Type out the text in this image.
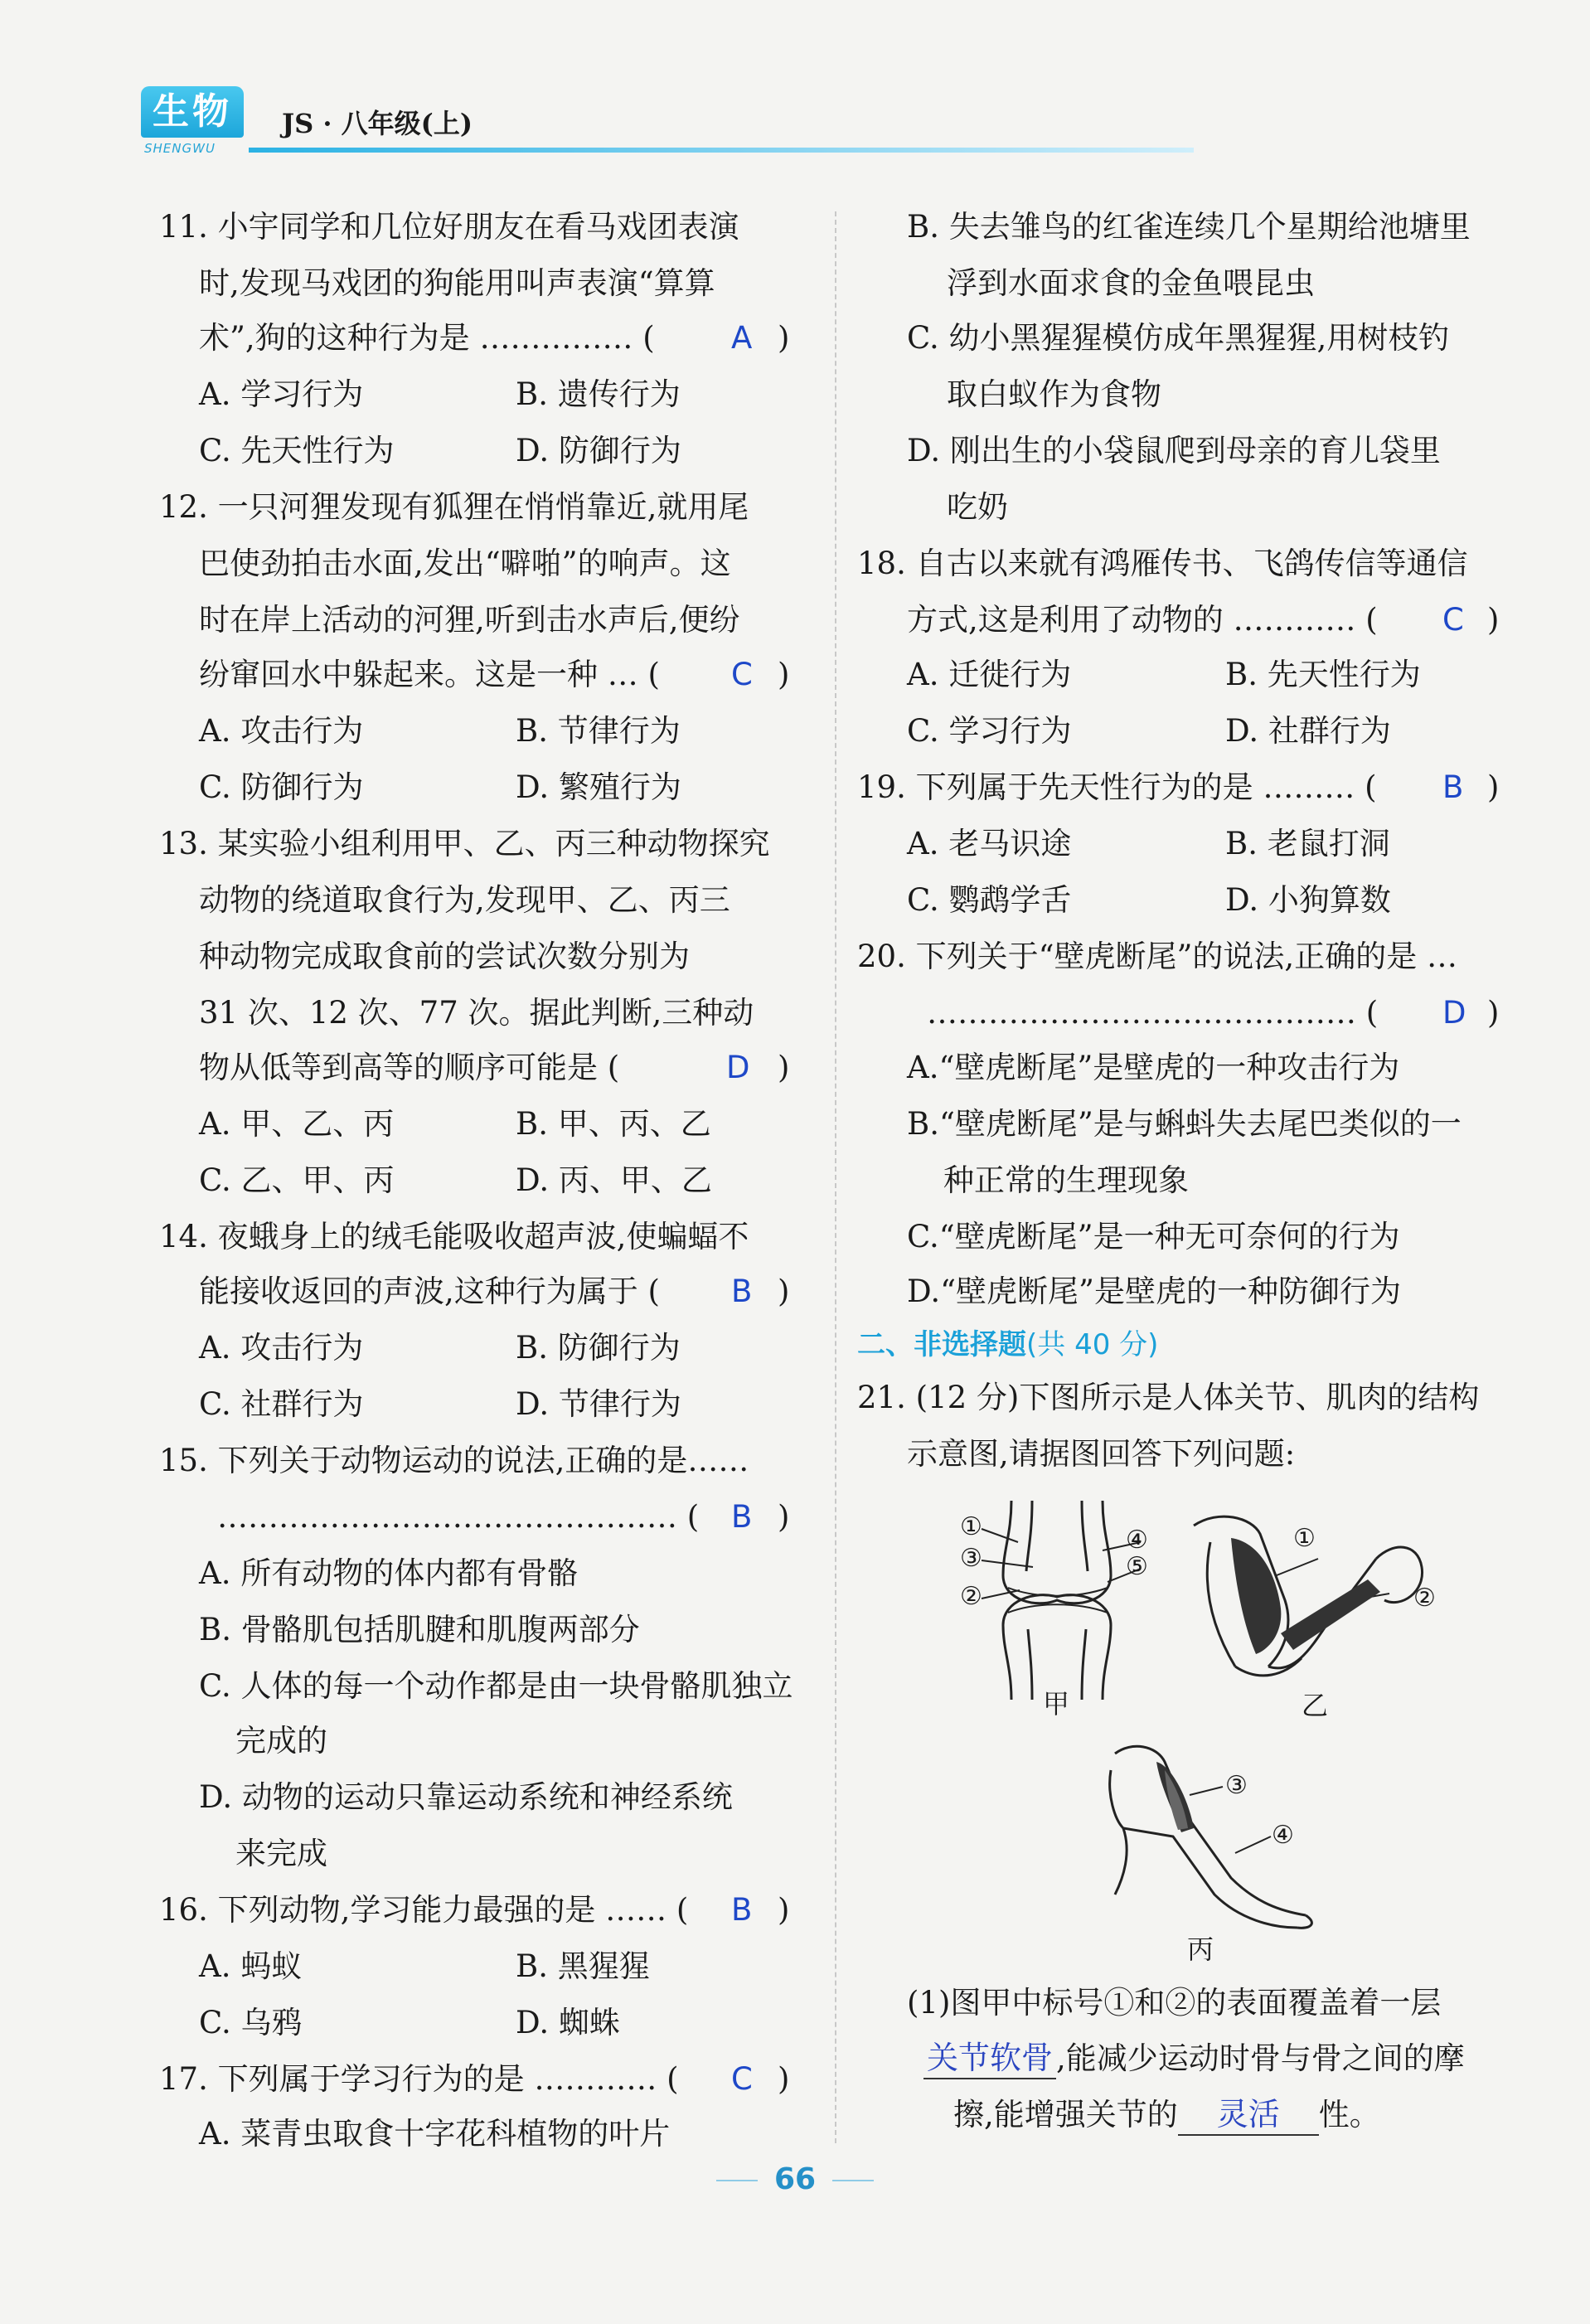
生物
SHENGWU
JS · 八年级(上)
11. 小宇同学和几位好朋友在看马戏团表演
时,发现马戏团的狗能用叫声表演“算算
术”,狗的这种行为是 …………… ( A )
A. 学习行为	B. 遗传行为
C. 先天性行为	D. 防御行为
12. 一只河狸发现有狐狸在悄悄靠近,就用尾
巴使劲拍击水面,发出“噼啪”的响声。这
时在岸上活动的河狸,听到击水声后,便纷
纷窜回水中躲起来。这是一种 … ( C )
A. 攻击行为	B. 节律行为
C. 防御行为	D. 繁殖行为
13. 某实验小组利用甲、乙、丙三种动物探究
动物的绕道取食行为,发现甲、乙、丙三
种动物完成取食前的尝试次数分别为
31 次、12 次、77 次。据此判断,三种动
物从低等到高等的顺序可能是 (	D )
A. 甲、乙、丙	B. 甲、丙、乙
C. 乙、甲、丙	D. 丙、甲、乙
14. 夜蛾身上的绒毛能吸收超声波,使蝙蝠不
能接收返回的声波,这种行为属于 ( B )
A. 攻击行为	B. 防御行为
C. 社群行为	D. 节律行为
15. 下列关于动物运动的说法,正确的是……
……………………………………… ( B )
A. 所有动物的体内都有骨骼
B. 骨骼肌包括肌腱和肌腹两部分
C. 人体的每一个动作都是由一块骨骼肌独立
完成的
D. 动物的运动只靠运动系统和神经系统
来完成
16. 下列动物,学习能力最强的是 …… ( B )
A. 蚂蚁	B. 黑猩猩
C. 乌鸦	D. 蜘蛛
17. 下列属于学习行为的是 ………… ( C )
A. 菜青虫取食十字花科植物的叶片
B. 失去雏鸟的红雀连续几个星期给池塘里
浮到水面求食的金鱼喂昆虫
C. 幼小黑猩猩模仿成年黑猩猩,用树枝钓
取白蚁作为食物
D. 刚出生的小袋鼠爬到母亲的育儿袋里
吃奶
18. 自古以来就有鸿雁传书、飞鸽传信等通信
方式,这是利用了动物的 ………… ( C )
A. 迁徙行为	B. 先天性行为
C. 学习行为	D. 社群行为
19. 下列属于先天性行为的是 ……… ( B )
A. 老马识途	B. 老鼠打洞
C. 鹦鹉学舌	D. 小狗算数
20. 下列关于“壁虎断尾”的说法,正确的是 …
…………………………………… ( D )
A.“壁虎断尾”是壁虎的一种攻击行为
B.“壁虎断尾”是与蝌蚪失去尾巴类似的一
种正常的生理现象
C.“壁虎断尾”是一种无可奈何的行为
D.“壁虎断尾”是壁虎的一种防御行为
二、非选择题(共 40 分)
21. (12 分)下图所示是人体关节、肌肉的结构
示意图,请据图回答下列问题:
①
③
②
④
⑤
甲
①
②
乙
③
④
丙
(1)图甲中标号①和②的表面覆盖着一层
关节软骨 ,能减少运动时骨与骨之间的摩
擦,能增强关节的 灵活 性。
66
